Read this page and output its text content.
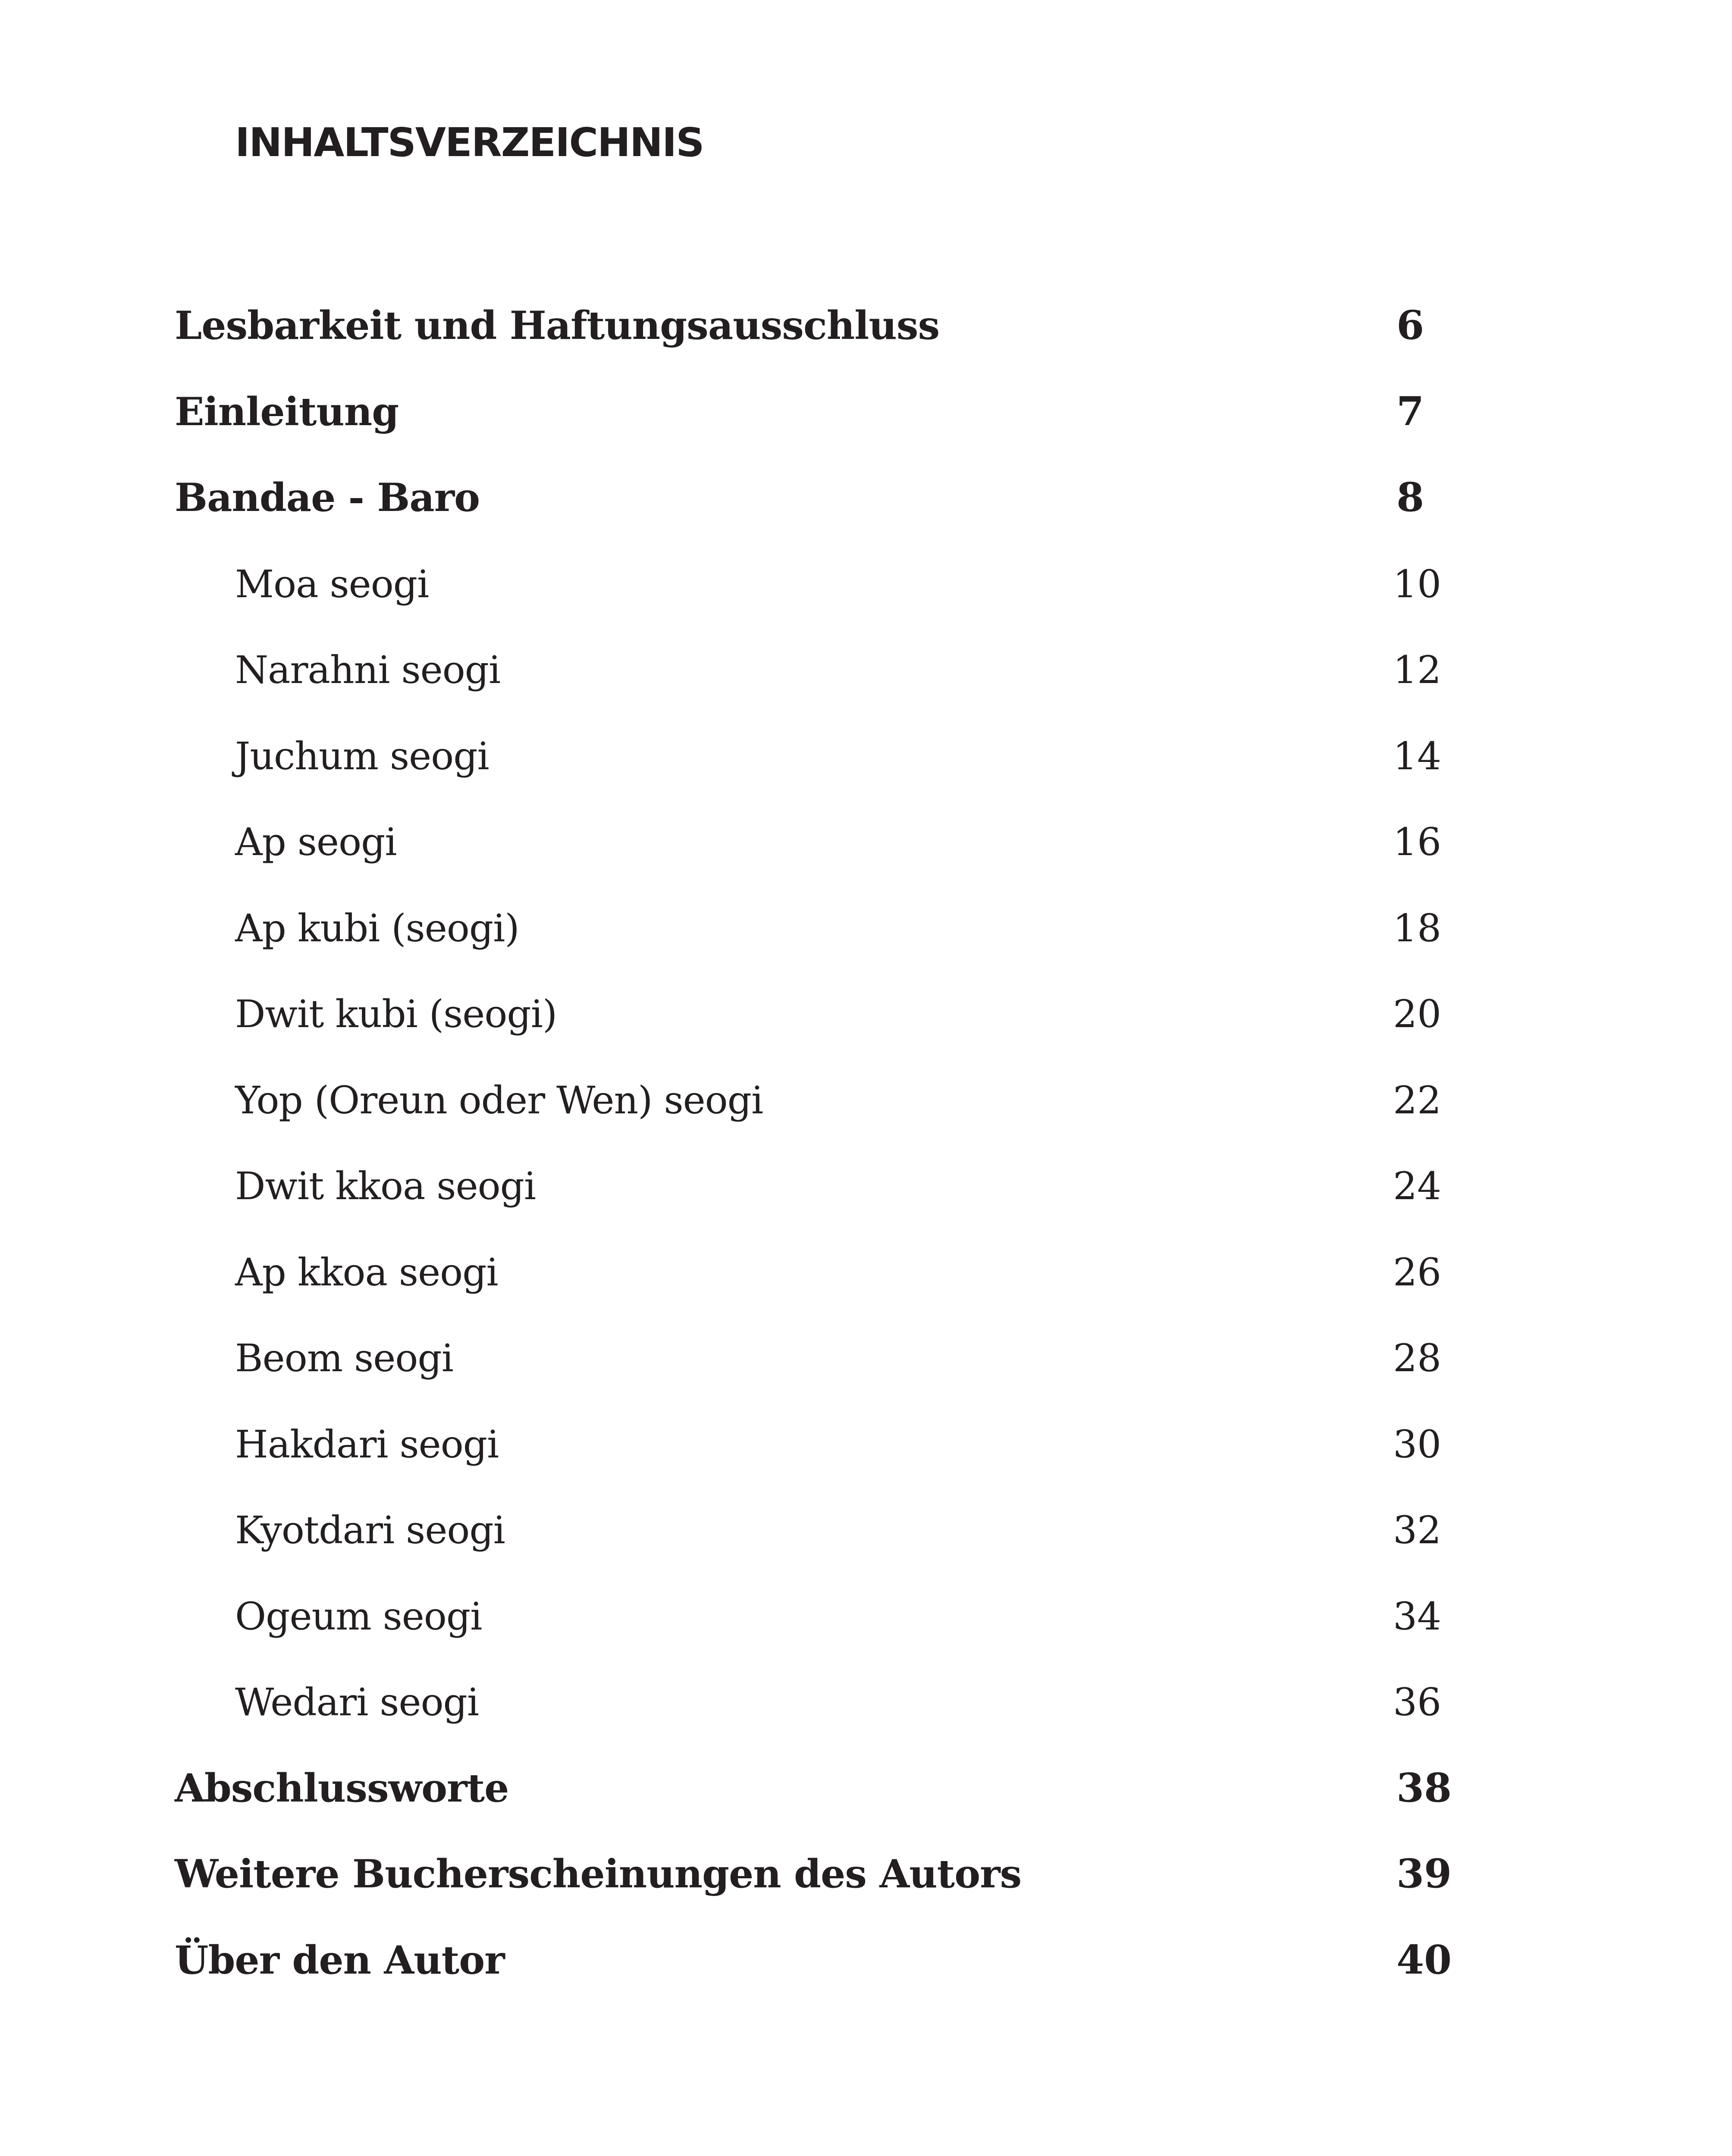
INHALTSVERZEICHNIS
Lesbarkeit und Haftungsausschluss	6
Einleitung	7
Bandae - Baro	8
Moa seogi	10
Narahni seogi	12
Juchum seogi	14
Ap seogi	16
Ap kubi (seogi)	18
Dwit kubi (seogi)	20
Yop (Oreun oder Wen) seogi	22
Dwit kkoa seogi	24
Ap kkoa seogi	26
Beom seogi	28
Hakdari seogi	30
Kyotdari seogi	32
Ogeum seogi	34
Wedari seogi	36
Abschlussworte	38
Weitere Bucherscheinungen des Autors	39
Über den Autor	40
